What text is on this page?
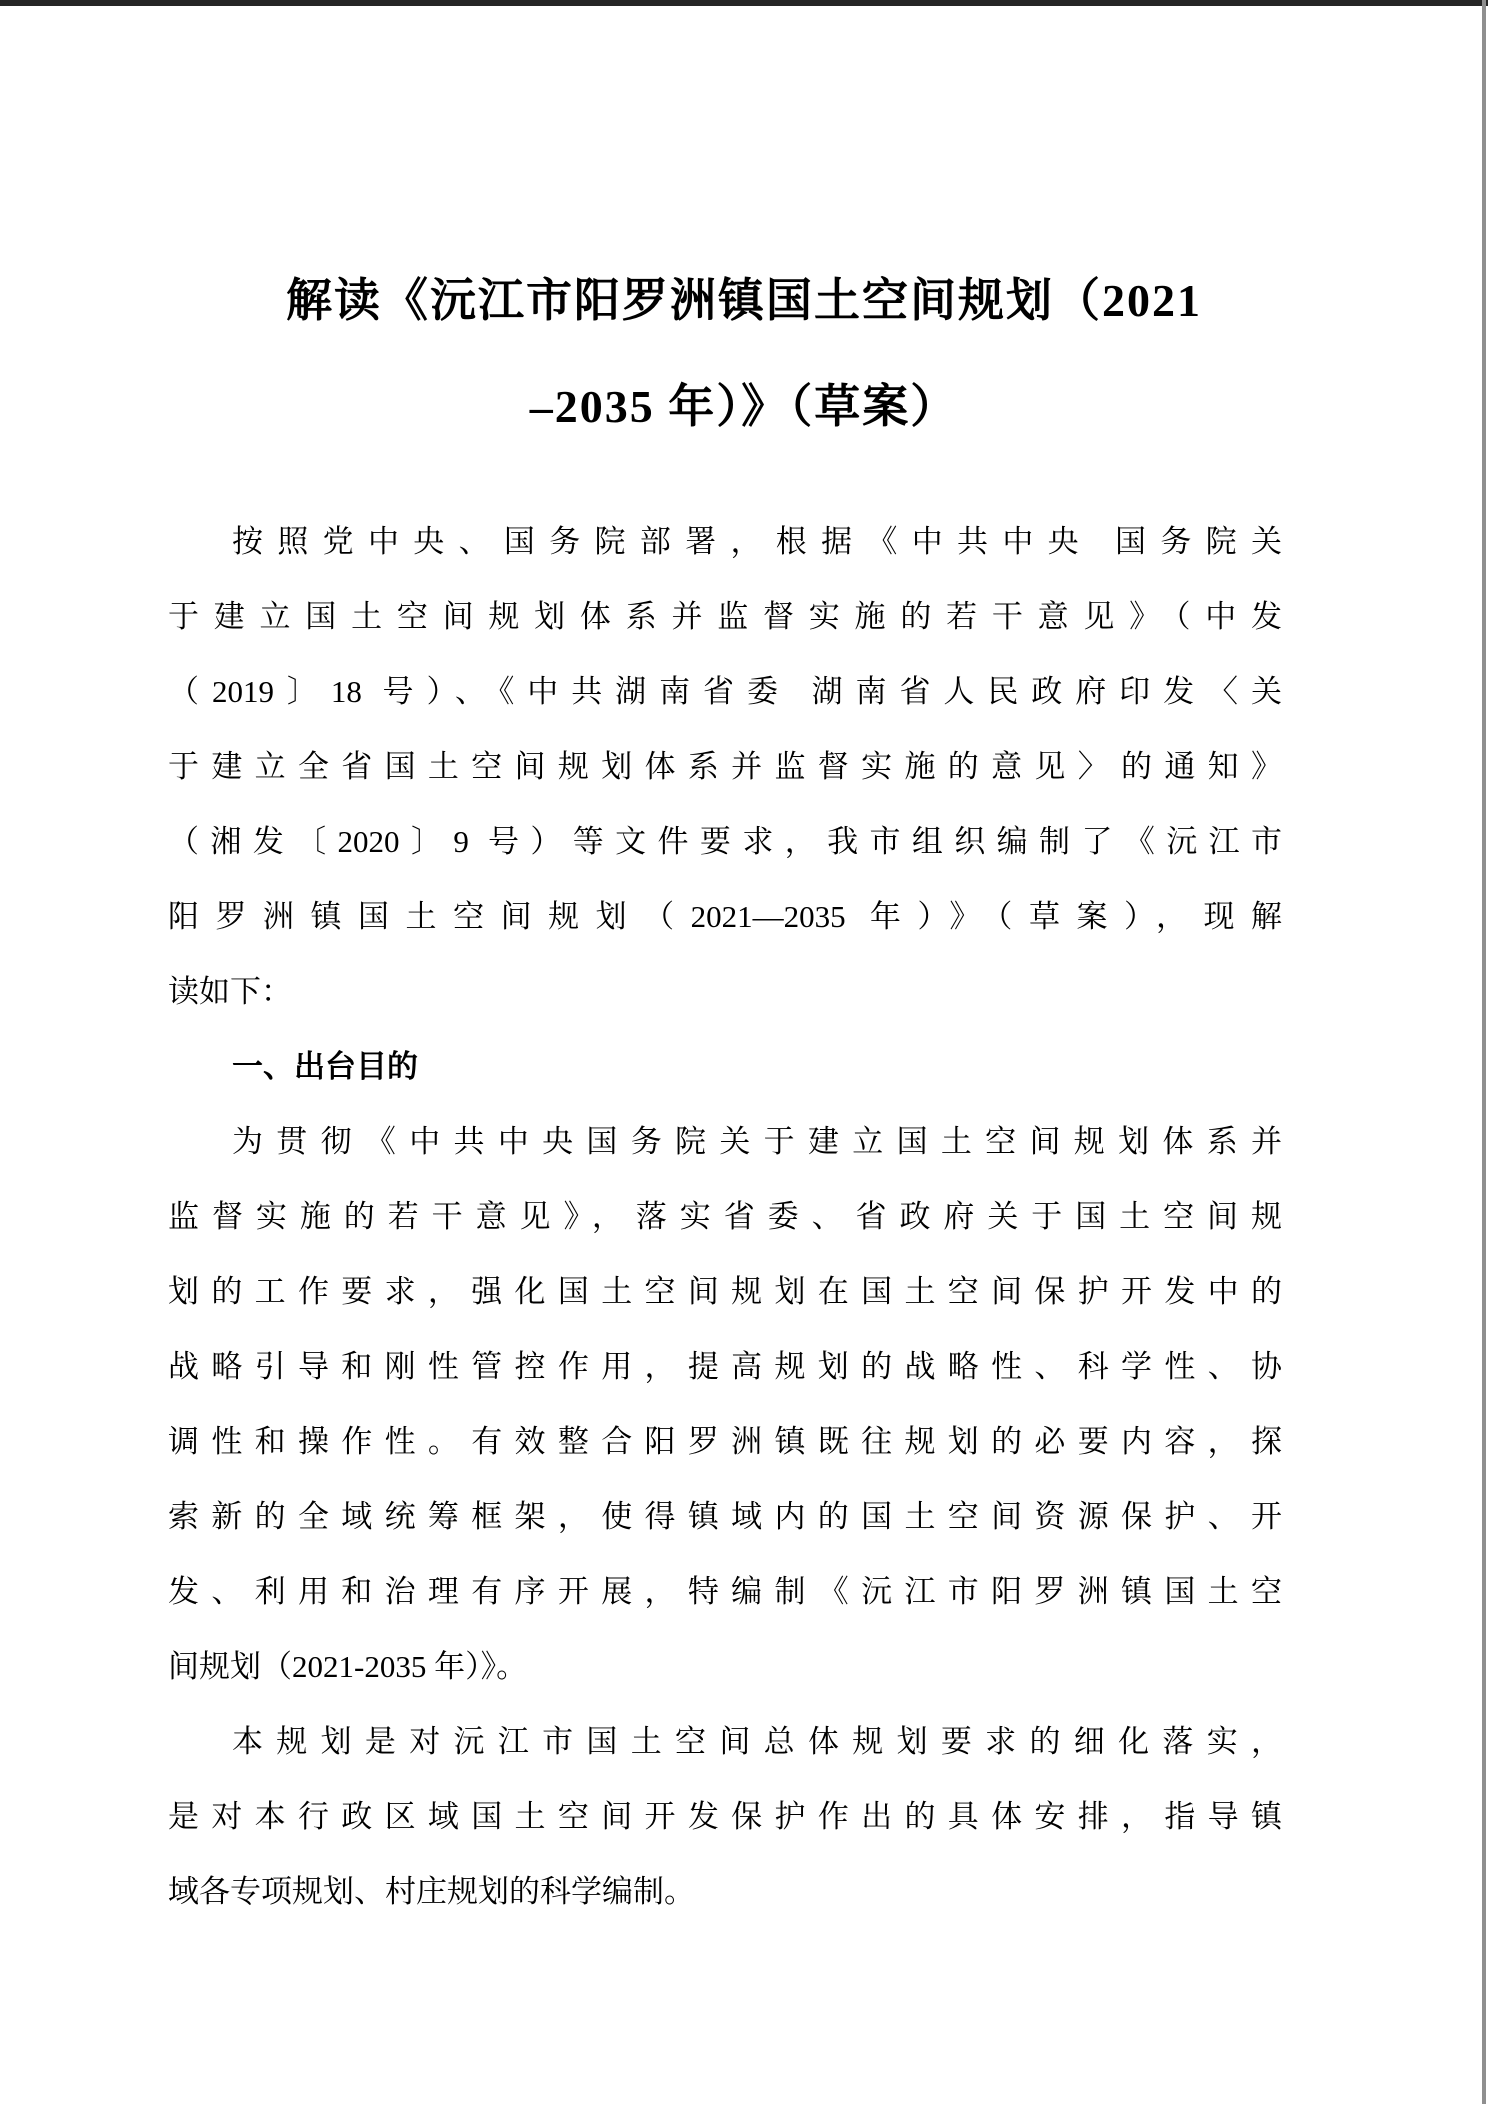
解读《沅江市阳罗洲镇国土空间规划（2021
–2035 年）》（草案）
按照党中央、国务院部署，根据《中共中央 国务院关
于建立国土空间规划体系并监督实施的若干意见》（中发
（2019〕18 号）、《中共湖南省委 湖南省人民政府印发〈关
于建立全省国土空间规划体系并监督实施的意见〉的通知》
（湘发〔2020〕9 号）等文件要求，我市组织编制了《沅江市
阳罗洲镇国土空间规划（2021—2035 年）》（草案），现解
读如下：
一、出台目的
为贯彻《中共中央国务院关于建立国土空间规划体系并
监督实施的若干意见》，落实省委、省政府关于国土空间规
划的工作要求，强化国土空间规划在国土空间保护开发中的
战略引导和刚性管控作用，提高规划的战略性、科学性、协
调性和操作性。有效整合阳罗洲镇既往规划的必要内容，探
索新的全域统筹框架，使得镇域内的国土空间资源保护、开
发、利用和治理有序开展，特编制《沅江市阳罗洲镇国土空
间规划（2021-2035 年）》。
本规划是对沅江市国土空间总体规划要求的细化落实，
是对本行政区域国土空间开发保护作出的具体安排，指导镇
域各专项规划、村庄规划的科学编制。
